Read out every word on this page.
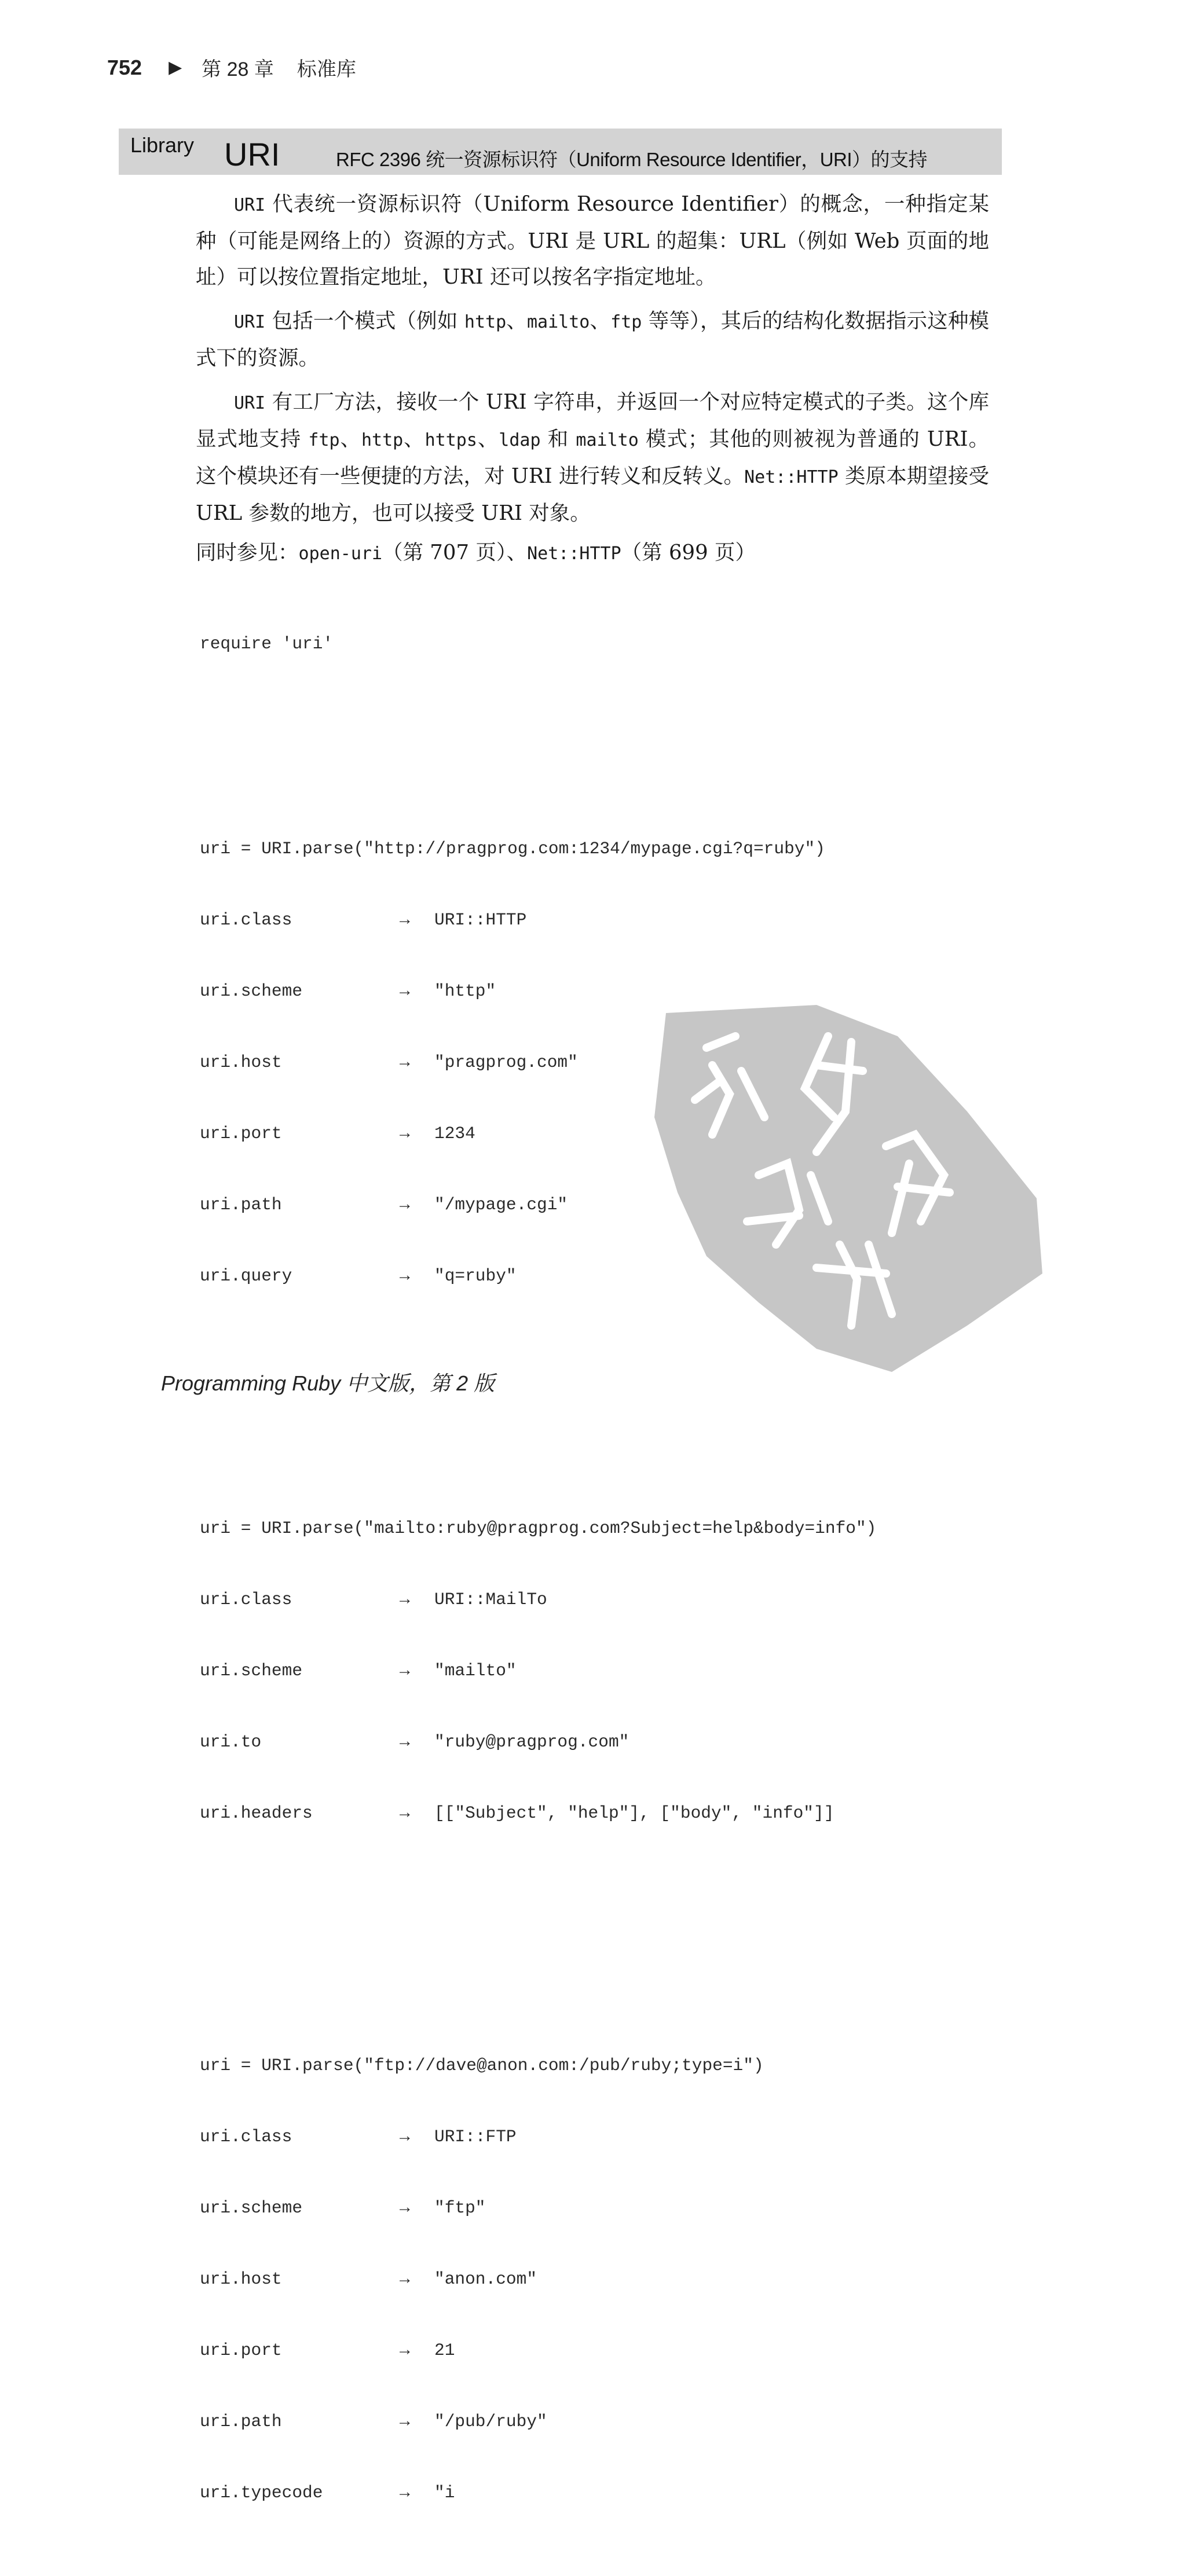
752 ▶ 第 28 章 标准库
Library URI	RFC 2396 统一资源标识符（Uniform Resource Identifier，URI）的支持

URI 代表统一资源标识符（Uniform Resource Identifier）的概念，一种指定某种（可能是网络上的）资源的方式。URI 是 URL 的超集：URL（例如 Web 页面的地址）可以按位置指定地址，URI 还可以按名字指定地址。

URI 包括一个模式（例如 http、mailto、ftp 等等），其后的结构化数据指示这种模式下的资源。

URI 有工厂方法，接收一个 URI 字符串，并返回一个对应特定模式的子类。这个库显式地支持 ftp、http、https、ldap 和 mailto 模式；其他的则被视为普通的 URI。这个模块还有一些便捷的方法，对 URI 进行转义和反转义。Net::HTTP 类原本期望接受 URL 参数的地方，也可以接受 URI 对象。

同时参见：open-uri（第 707 页）、Net::HTTP（第 699 页）

require 'uri'

uri = URI.parse("http://pragprog.com:1234/mypage.cgi?q=ruby")

uri.class	→	URI::HTTP

uri.scheme	→	"http"

uri.host	→	"pragprog.com"

uri.port	→	1234

uri.path	→	"/mypage.cgi"

uri.query	→	"q=ruby"

uri = URI.parse("mailto:ruby@pragprog.com?Subject=help&body=info")

uri.class	→	URI::MailTo

uri.scheme	→	"mailto"

uri.to	→	"ruby@pragprog.com"

uri.headers	→	[["Subject", "help"], ["body", "info"]]

uri = URI.parse("ftp://dave@anon.com:/pub/ruby;type=i")

uri.class	→	URI::FTP

uri.scheme	→	"ftp"

uri.host	→	"anon.com"

uri.port	→	21

uri.path	→	"/pub/ruby"

uri.typecode	→	"i

Programming Ruby 中文版，第 2 版
